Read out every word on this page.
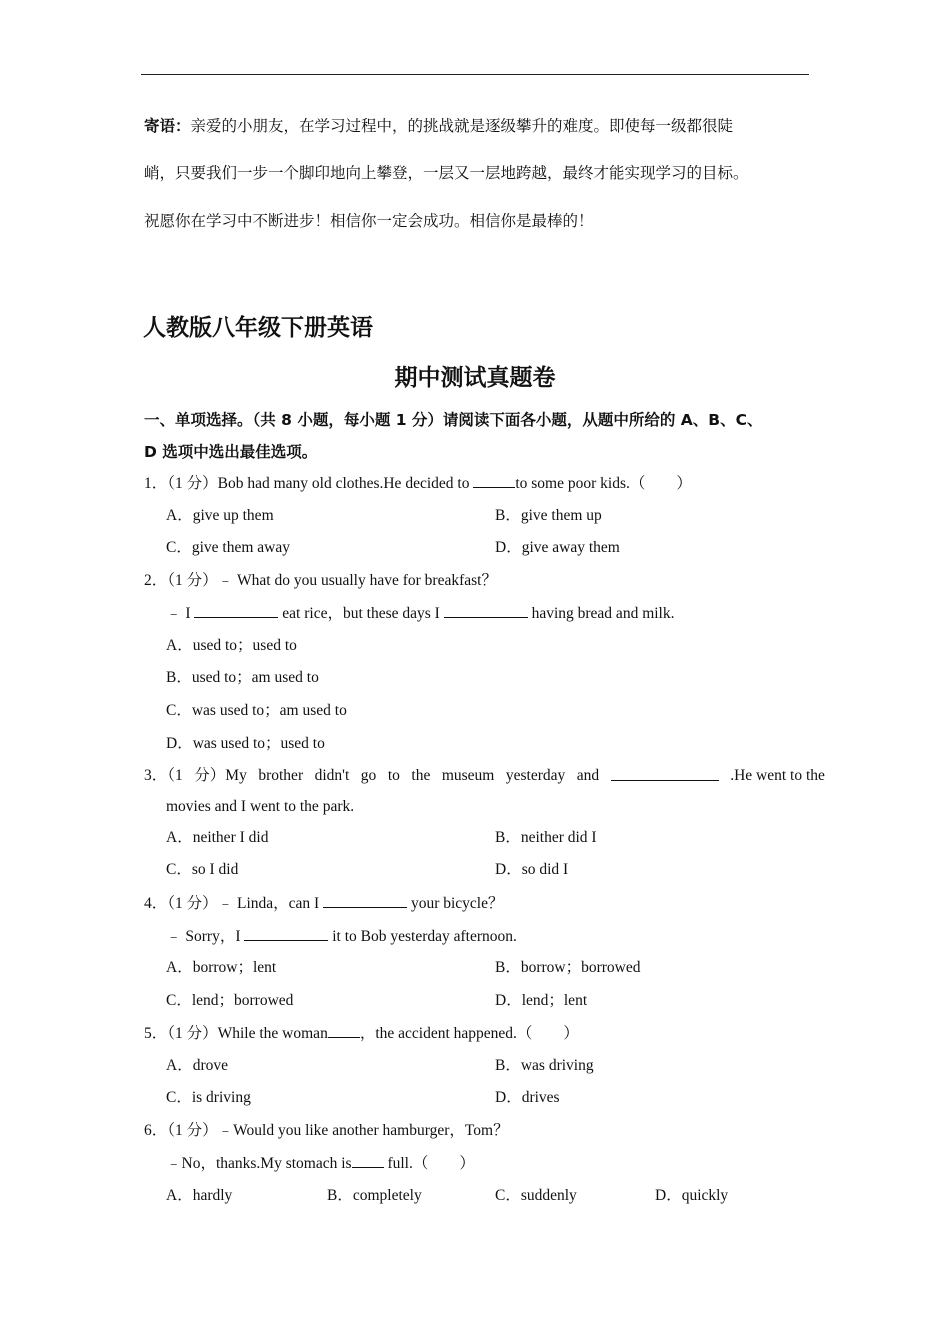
寄语：亲爱的小朋友，在学习过程中，的挑战就是逐级攀升的难度。即使每一级都很陡
峭，只要我们一步一个脚印地向上攀登，一层又一层地跨越，最终才能实现学习的目标。
祝愿你在学习中不断进步！相信你一定会成功。相信你是最棒的！
人教版八年级下册英语
期中测试真题卷
一、单项选择。（共 8 小题，每小题 1 分）请阅读下面各小题，从题中所给的 A、B、C、
D 选项中选出最佳选项。
1．（1 分）Bob had many old clothes.He decided to	to some poor kids.（　　）
A．give up them	B．give them up
C．give them away	D．give away them
2．（1 分）﹣ What do you usually have for breakfast？
﹣ I	eat rice，but these days I	having bread and milk.
A．used to；used to
B．used to；am used to
C．was used to；am used to
D．was used to；used to
3．（1 分）My brother didn't go to the museum yesterday and	.He went to the
movies and I went to the park.
A．neither I did	B．neither did I
C．so I did	D．so did I
4．（1 分）﹣ Linda，can I	your bicycle？
﹣ Sorry，I	it to Bob yesterday afternoon.
A．borrow；lent	B．borrow；borrowed
C．lend；borrowed	D．lend；lent
5．（1 分）While the woman ，the accident happened.（　　）
A．drove	B．was driving
C．is driving	D．drives
6．（1 分）﹣Would you like another hamburger，Tom？
﹣No，thanks.My stomach is full.（　　）
A．hardly	B．completely	C．suddenly	D．quickly
